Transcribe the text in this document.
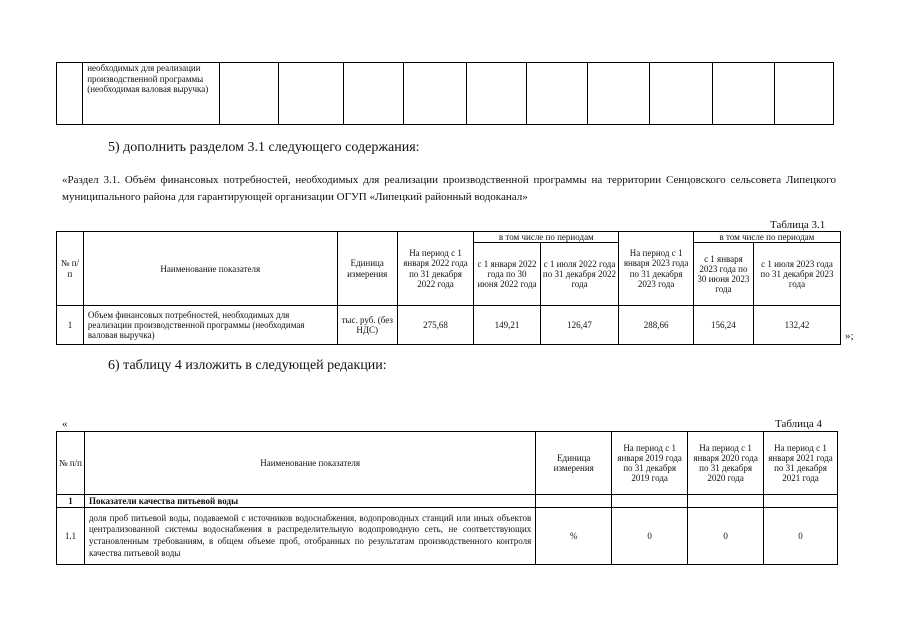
	необходимых для реализации производственной программы (необходимая валовая выручка)										
5) дополнить разделом 3.1 следующего содержания:
«Раздел 3.1. Объём финансовых потребностей, необходимых для реализации производственной программы на территории Сенцовского сельсовета Липецкого муниципального района для гарантирующей организации ОГУП «Липецкий районный водоканал»
Таблица 3.1
№ п/п	Наименование показателя	Единица измерения	На период с 1 января 2022 года по 31 декабря 2022 года	в том числе по периодам		На период с 1 января 2023 года по 31 декабря 2023 года	в том числе по периодам	
				с 1 января 2022 года по 30 июня 2022 года	с 1 июля 2022 года по 31 декабря 2022 года		с 1 января 2023 года по 30 июня 2023 года	с 1 июля 2023 года по 31 декабря 2023 года
1	Объем финансовых потребностей, необходимых для реализации производственной программы (необходимая валовая выручка)	тыс. руб. (без НДС)	275,68	149,21	126,47	288,66	156,24	132,42
»;
6) таблицу 4 изложить в следующей редакции:
«	Таблица 4
№ п/п	Наименование показателя	Единица измерения	На период с 1 января 2019 года по 31 декабря 2019 года	На период с 1 января 2020 года по 31 декабря 2020 года	На период с 1 января 2021 года по 31 декабря 2021 года
1	Показатели качества питьевой воды				
1.1	доля проб питьевой воды, подаваемой с источников водоснабжения, водопроводных станций или иных объектов централизованной системы водоснабжения в распределительную водопроводную сеть, не соответствующих установленным требованиям, в общем объеме проб, отобранных по результатам производственного контроля качества питьевой воды	%	0	0	0
